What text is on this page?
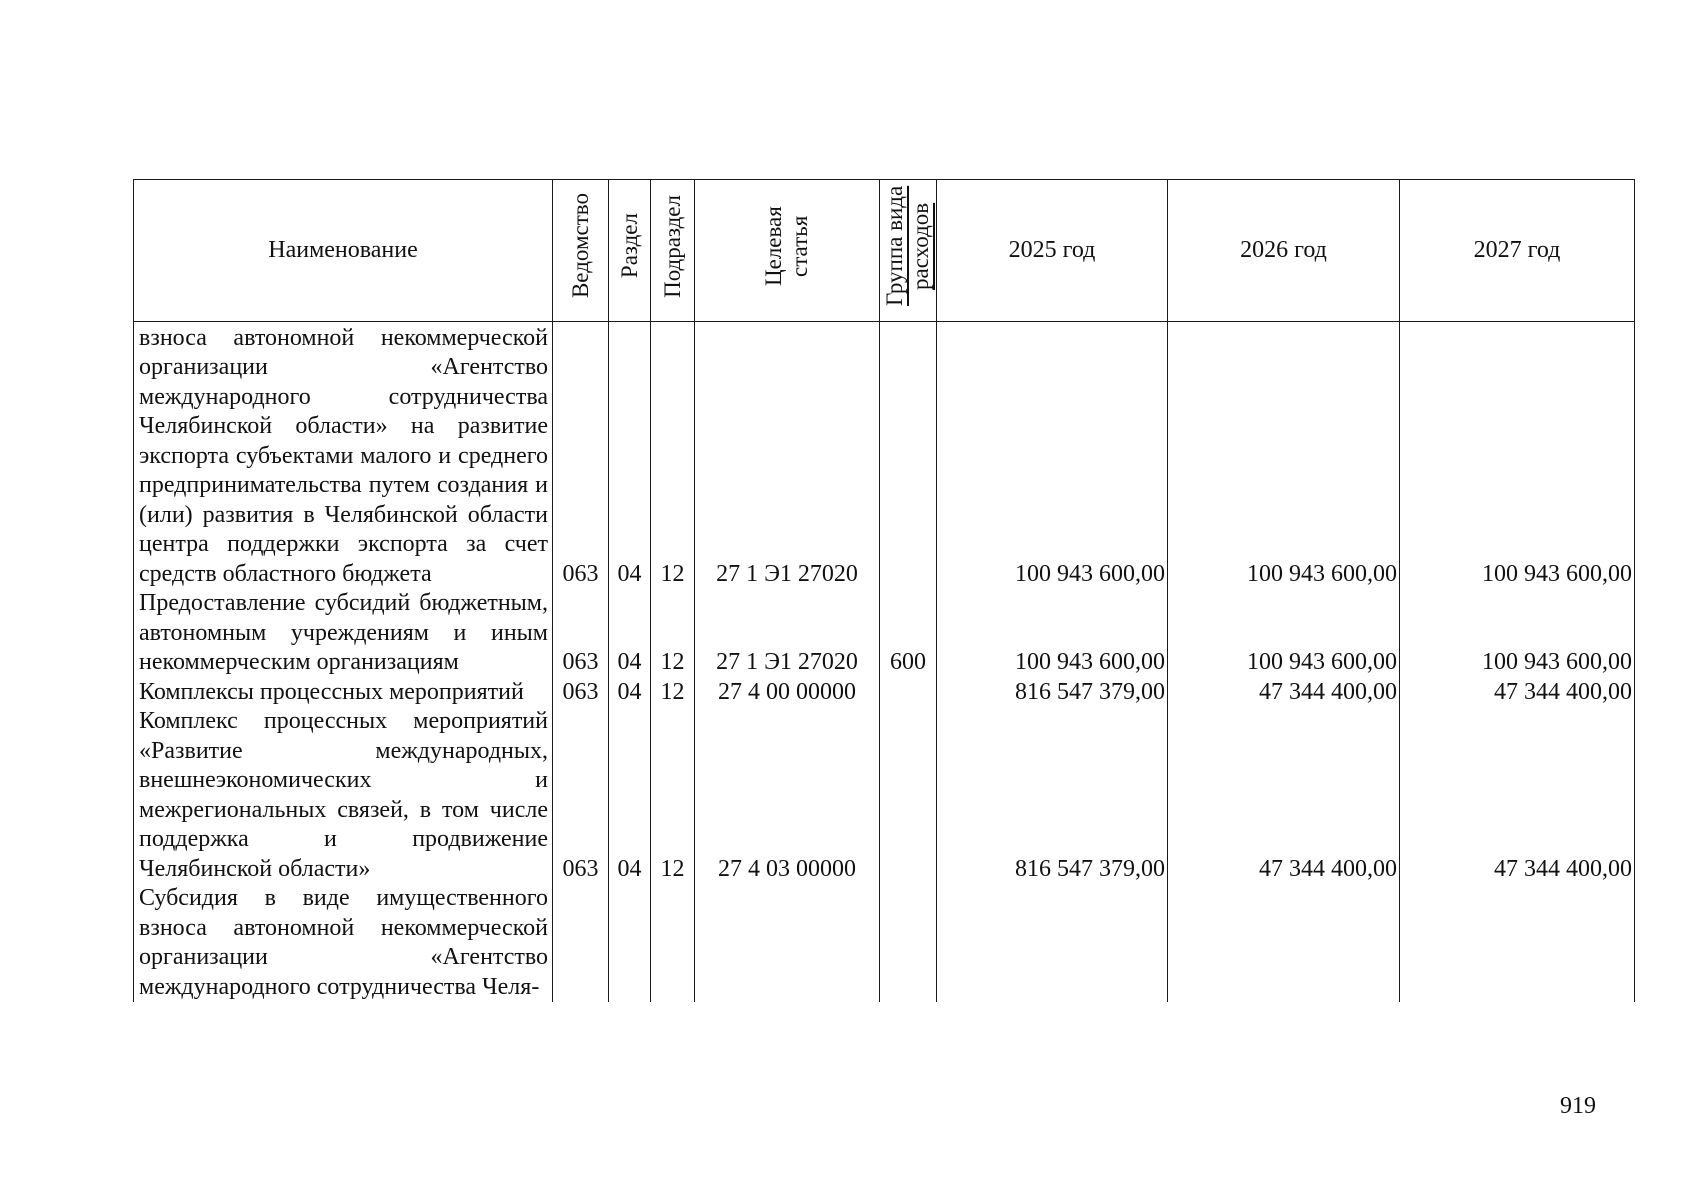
Наименование	Ведомство	Раздел	Подраздел	Целевая статья	Группа вида расходов	2025 год	2026 год	2027 год
взноса автономной некоммерческой организации «Агентство международного сотрудничества Челябинской области» на развитие экспорта субъектами малого и среднего предпринимательства путем создания и (или) развития в Челябинской области центра поддержки экспорта за счет средств областного бюджета	063	04	12	27 1 Э1 27020		100 943 600,00	100 943 600,00	100 943 600,00
Предоставление субсидий бюджетным, автономным учреждениям и иным некоммерческим организациям	063	04	12	27 1 Э1 27020	600	100 943 600,00	100 943 600,00	100 943 600,00
Комплексы процессных мероприятий	063	04	12	27 4 00 00000		816 547 379,00	47 344 400,00	47 344 400,00
Комплекс процессных мероприятий «Развитие международных, внешнеэкономических и межрегиональных связей, в том числе поддержка и продвижение Челябинской области»	063	04	12	27 4 03 00000		816 547 379,00	47 344 400,00	47 344 400,00
Субсидия в виде имущественного взноса автономной некоммерческой организации «Агентство международного сотрудничества Челя-								
919
